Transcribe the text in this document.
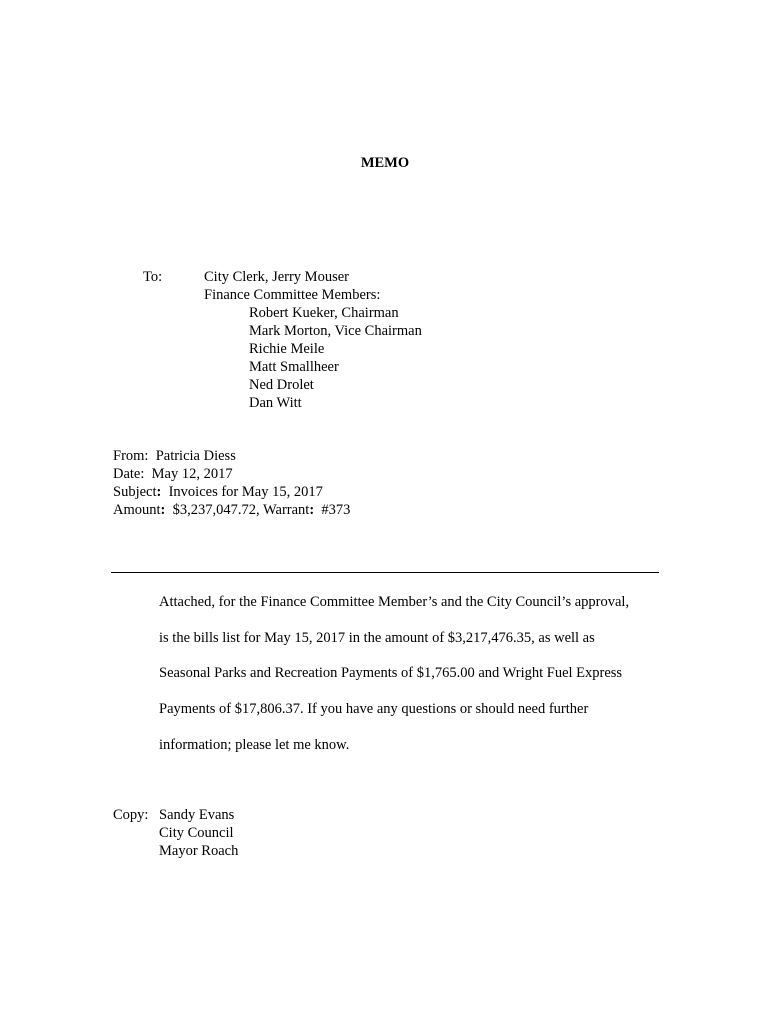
MEMO
To:	City Clerk, Jerry Mouser
Finance Committee Members:
Robert Kueker, Chairman
Mark Morton, Vice Chairman
Richie Meile
Matt Smallheer
Ned Drolet
Dan Witt
From: Patricia Diess
Date: May 12, 2017
Subject: Invoices for May 15, 2017
Amount: $3,237,047.72, Warrant: #373
Attached, for the Finance Committee Member’s and the City Council’s approval,
is the bills list for May 15, 2017 in the amount of $3,217,476.35, as well as
Seasonal Parks and Recreation Payments of $1,765.00 and Wright Fuel Express
Payments of $17,806.37. If you have any questions or should need further
information; please let me know.
Copy: Sandy Evans
City Council
Mayor Roach
